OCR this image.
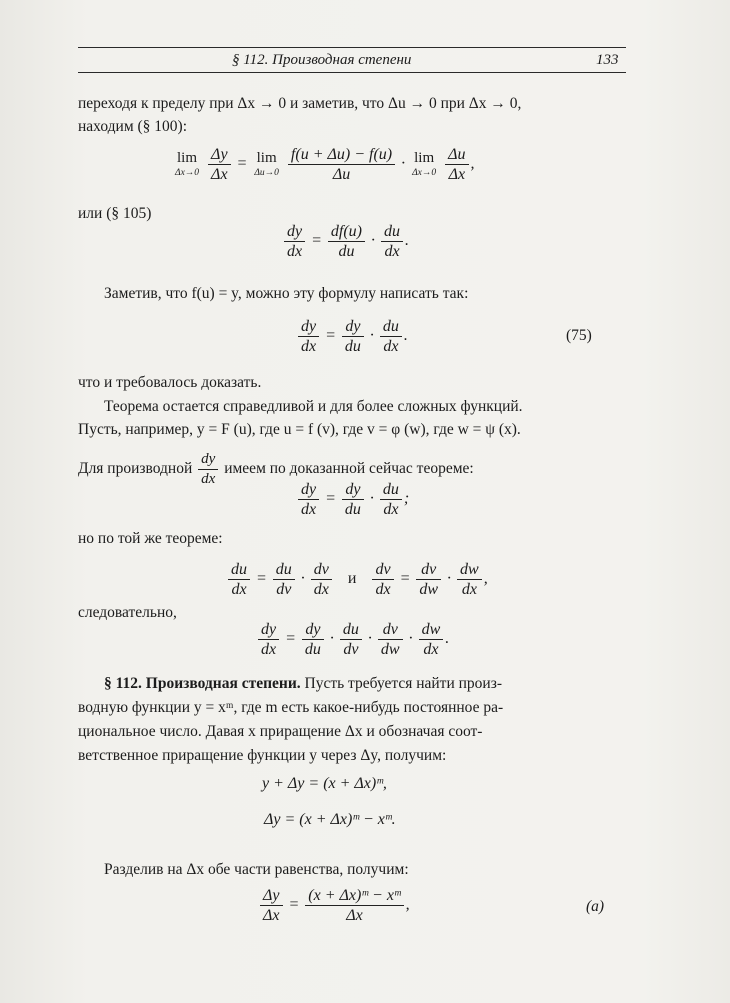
§ 112. Производная степени	133
переходя к пределу при Δx → 0 и заметив, что Δu → 0 при Δx → 0,
находим (§ 100):
lim
Δx→0
$\frac{\Delta y}{\Delta x} = \lim$
Δu→0
$\frac{f(u + \Delta u) - f(u)}{\Delta u} \cdot \lim$
Δx→0
$\frac{\Delta u}{\Delta x}$ ,
или (§ 105)
$\frac{dy}{dx} = \frac{df(u)}{du} \cdot \frac{du}{dx}$ .
Заметив, что f(u) = y, можно эту формулу написать так:
$\frac{dy}{dx} = \frac{dy}{du} \cdot \frac{du}{dx}$ .	(75)
что и требовалось доказать.
Теорема остается справедливой и для более сложных функций.
Пусть, например, y = F (u), где u = f (v), где v = φ (w), где w = ψ (x).
Для производной $\frac{dy}{dx}$ имеем по доказанной сейчас теореме:
$\frac{dy}{dx} = \frac{dy}{du} \cdot \frac{du}{dx}$ ;
но по той же теореме:
$\frac{du}{dx} = \frac{du}{dv} \cdot \frac{dv}{dx}$ и $\frac{dv}{dx} = \frac{dv}{dw} \cdot \frac{dw}{dx}$ ,
следовательно,
$\frac{dy}{dx} = \frac{dy}{du} \cdot \frac{du}{dv} \cdot \frac{dv}{dw} \cdot \frac{dw}{dx}$ .
§ 112. Производная степени. Пусть требуется найти произ-
водную функции y = xᵐ, где m есть какое-нибудь постоянное ра-
циональное число. Давая x приращение Δx и обозначая соот-
ветственное приращение функции y через Δy, получим:
y + Δy = (x + Δx)ᵐ,
Δy = (x + Δx)ᵐ − xᵐ.
Разделив на Δx обе части равенства, получим:
$\frac{\Delta y}{\Delta x} = \frac{\text{(x + Δx)ᵐ − xᵐ}}{\Delta x}$ ,	(a)
